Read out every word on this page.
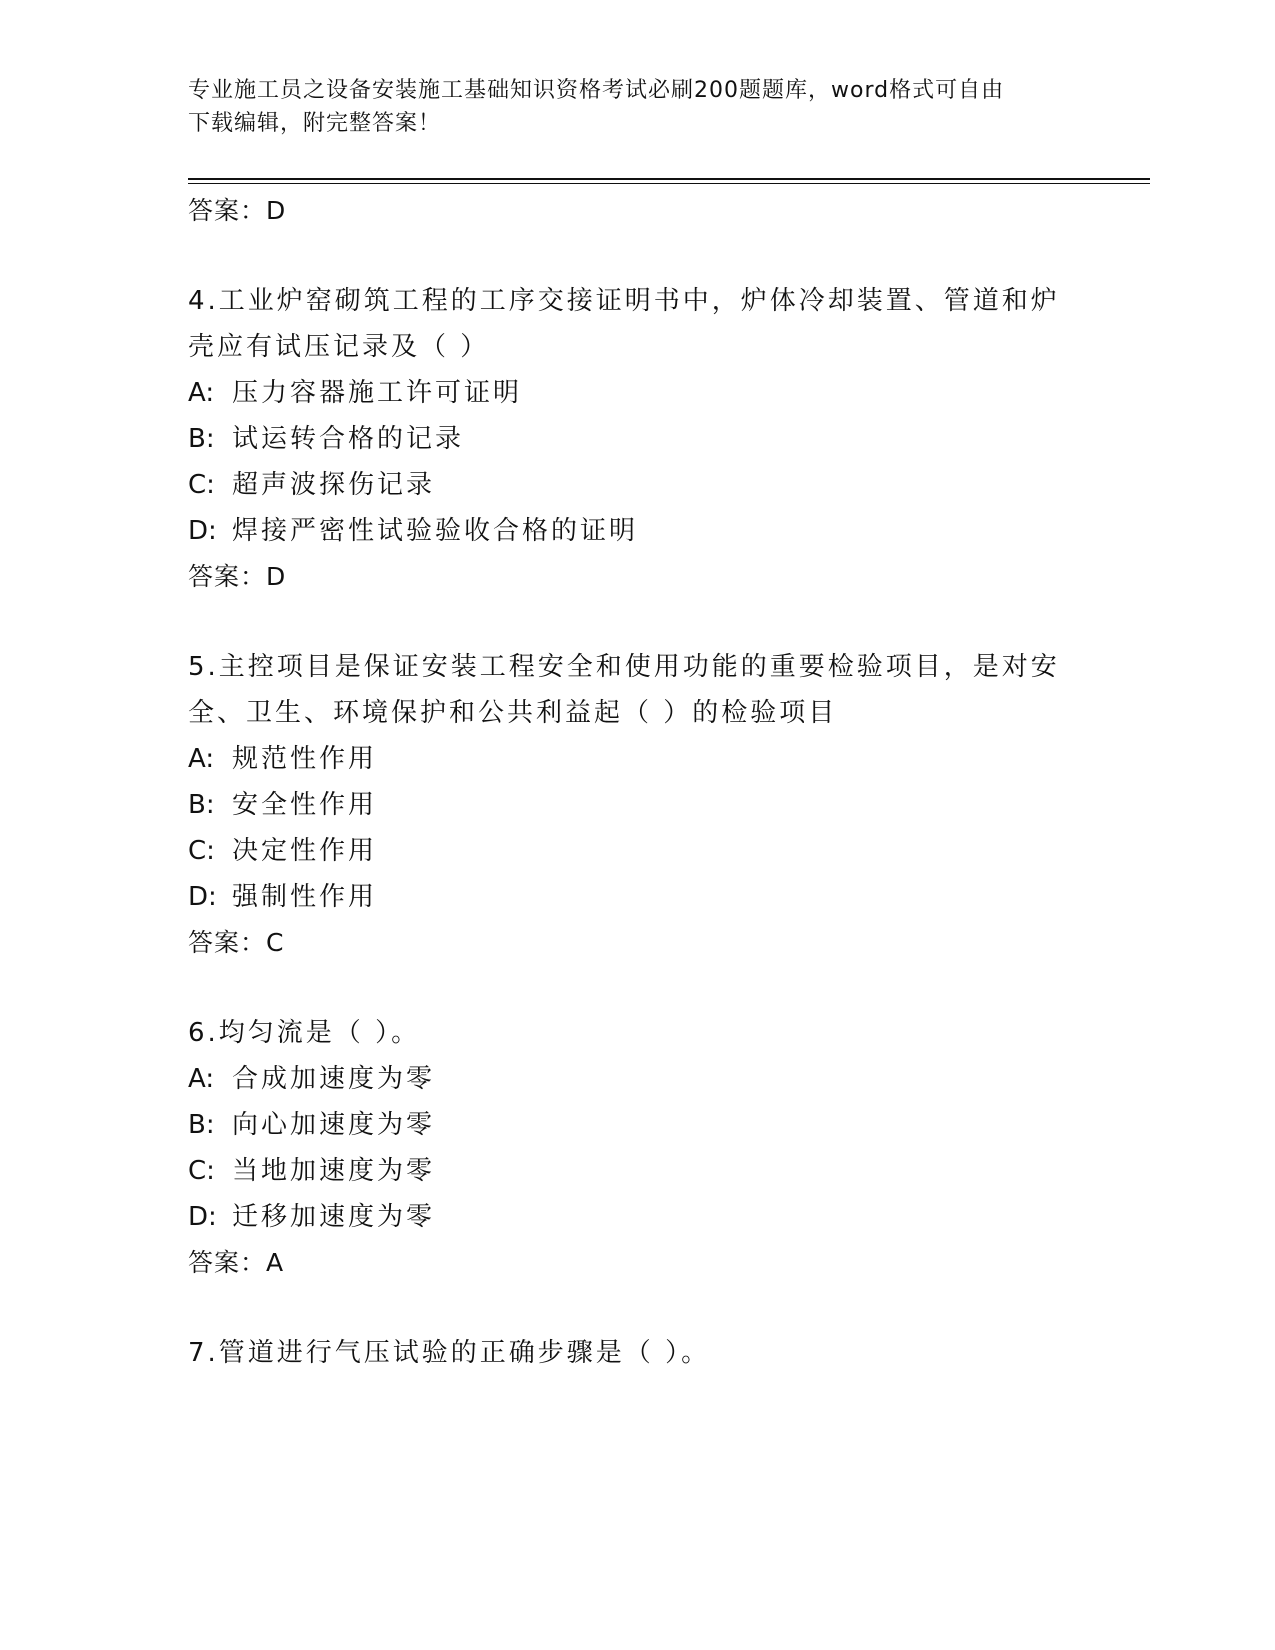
专业施工员之设备安装施工基础知识资格考试必刷200题题库，word格式可自由
下载编辑，附完整答案！
答案：D
4.工业炉窑砌筑工程的工序交接证明书中，炉体冷却装置、管道和炉
壳应有试压记录及（ ）
A: 压力容器施工许可证明
B: 试运转合格的记录
C: 超声波探伤记录
D: 焊接严密性试验验收合格的证明
答案：D
5.主控项目是保证安装工程安全和使用功能的重要检验项目，是对安
全、卫生、环境保护和公共利益起（ ）的检验项目
A: 规范性作用
B: 安全性作用
C: 决定性作用
D: 强制性作用
答案：C
6.均匀流是（ ）。
A: 合成加速度为零
B: 向心加速度为零
C: 当地加速度为零
D: 迁移加速度为零
答案：A
7.管道进行气压试验的正确步骤是（ ）。
